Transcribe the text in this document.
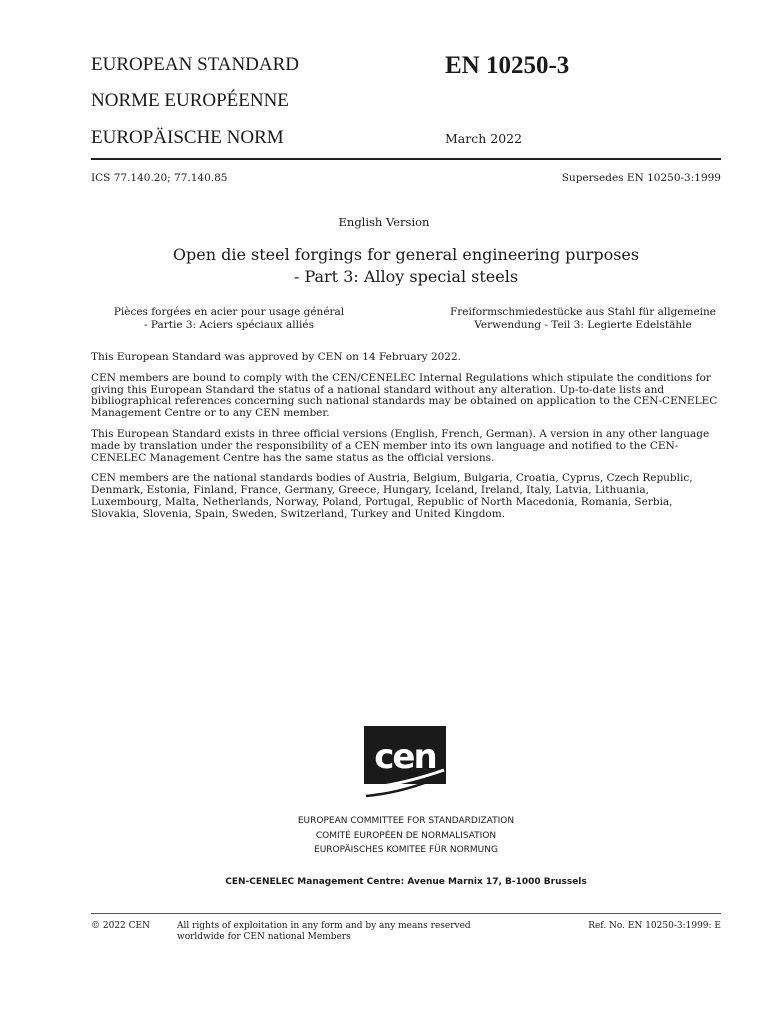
EUROPEAN STANDARD
NORME EUROPÉENNE
EUROPÄISCHE NORM
EN 10250-3
March 2022
ICS 77.140.20; 77.140.85	Supersedes EN 10250-3:1999
English Version
Open die steel forgings for general engineering purposes
- Part 3: Alloy special steels
Pièces forgées en acier pour usage général
- Partie 3: Aciers spéciaux alliés
Freiformschmiedestücke aus Stahl für allgemeine
Verwendung - Teil 3: Legierte Edelstähle

This European Standard was approved by CEN on 14 February 2022.

CEN members are bound to comply with the CEN/CENELEC Internal Regulations which stipulate the conditions for giving this European Standard the status of a national standard without any alteration. Up-to-date lists and bibliographical references concerning such national standards may be obtained on application to the CEN-CENELEC Management Centre or to any CEN member.

This European Standard exists in three official versions (English, French, German). A version in any other language made by translation under the responsibility of a CEN member into its own language and notified to the CEN-CENELEC Management Centre has the same status as the official versions.

CEN members are the national standards bodies of Austria, Belgium, Bulgaria, Croatia, Cyprus, Czech Republic, Denmark, Estonia, Finland, France, Germany, Greece, Hungary, Iceland, Ireland, Italy, Latvia, Lithuania, Luxembourg, Malta, Netherlands, Norway, Poland, Portugal, Republic of North Macedonia, Romania, Serbia, Slovakia, Slovenia, Spain, Sweden, Switzerland, Turkey and United Kingdom.

cen
EUROPEAN COMMITTEE FOR STANDARDIZATION
COMITÉ EUROPÉEN DE NORMALISATION
EUROPÄISCHES KOMITEE FÜR NORMUNG
CEN-CENELEC Management Centre: Avenue Marnix 17, B-1000 Brussels
© 2022 CEN	All rights of exploitation in any form and by any means reserved
worldwide for CEN national Members
Ref. No. EN 10250-3:1999: E
